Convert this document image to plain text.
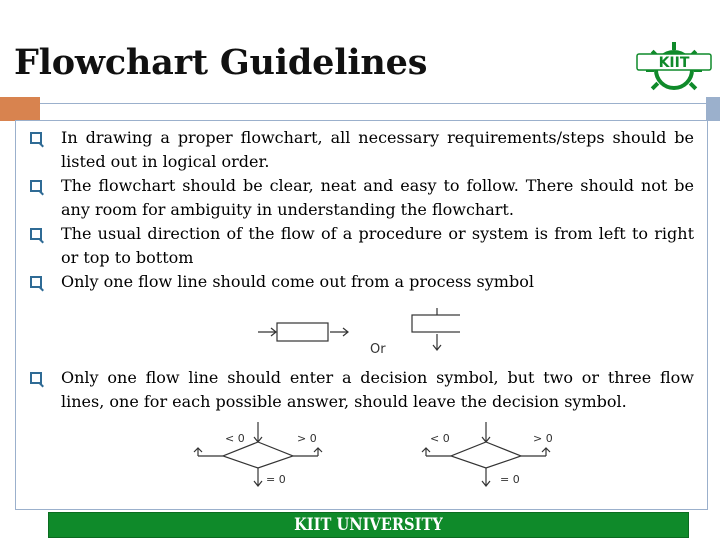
Flowchart Guidelines	KIIT
In drawing a proper flowchart, all necessary requirements/steps should be listed out in logical order.
The flowchart should be clear, neat and easy to follow. There should not be any room for ambiguity in understanding the flowchart.
The usual direction of the flow of a procedure or system is from left to right or top to bottom
Only one flow line should come out from a process symbol
Or
Only one flow line should enter a decision symbol, but two or three flow lines, one for each possible answer, should leave the decision symbol.
< 0	> 0
= 0
< 0	> 0
= 0
KIIT UNIVERSITY
